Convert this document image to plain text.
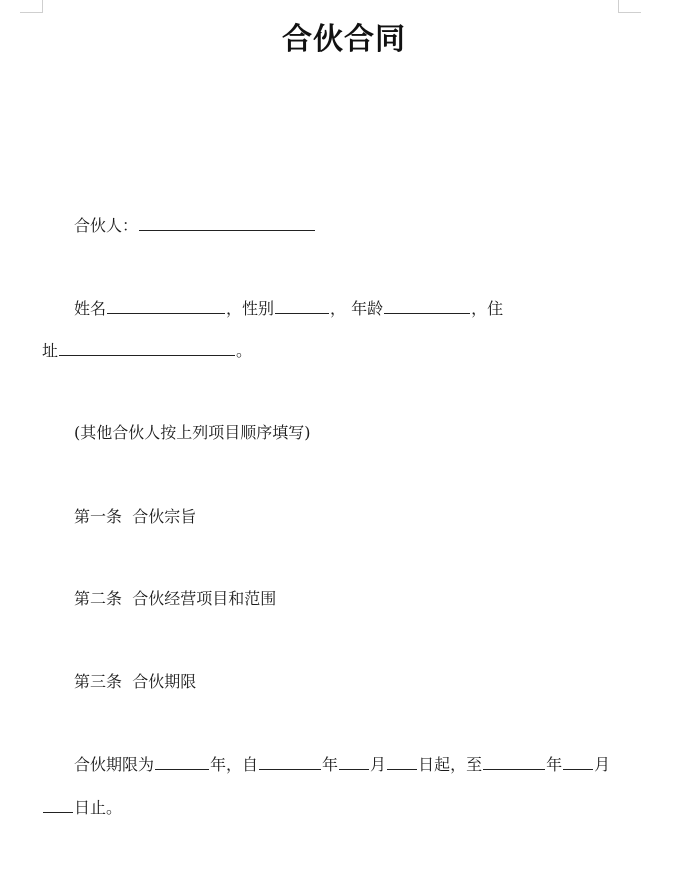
合伙合同
合伙人：
姓名	，性别	， 年龄	，住
址	。
(其他合伙人按上列项目顺序填写)
第一条 合伙宗旨
第二条 合伙经营项目和范围
第三条 合伙期限
合伙期限为	年，自	年 月 日起，至	年 月
日止。
